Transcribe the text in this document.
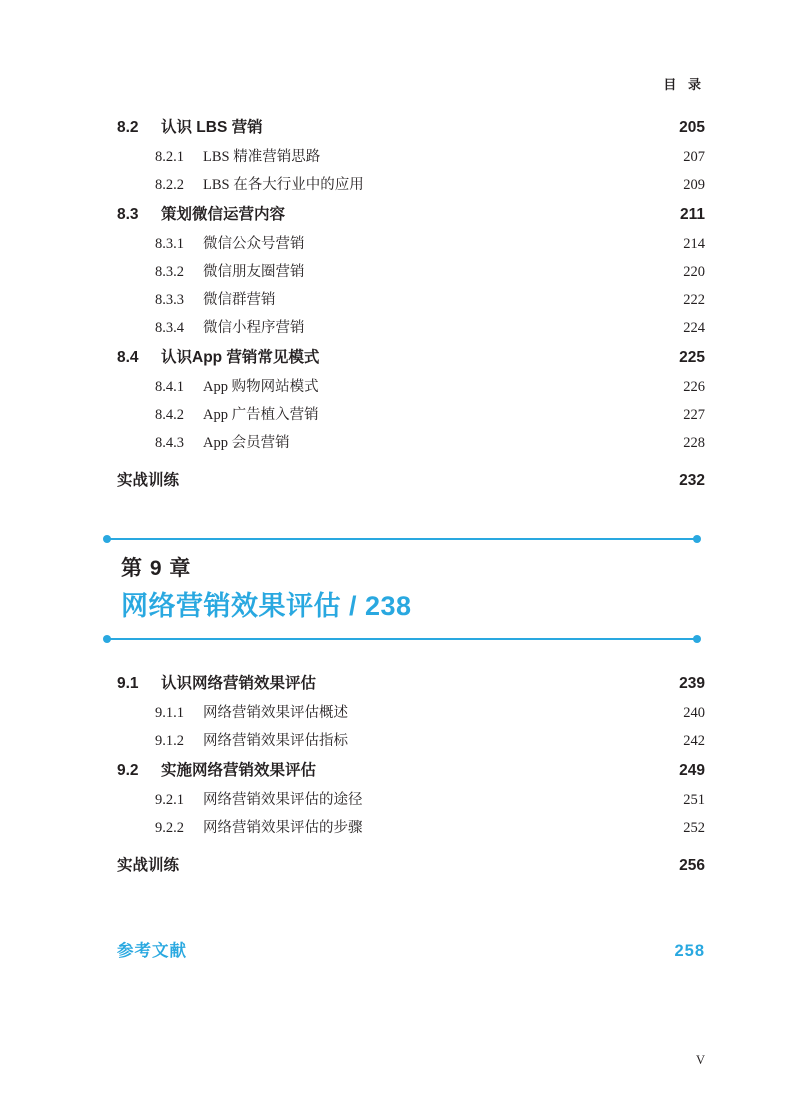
目 录
8.2	认识 LBS 营销	205
8.2.1	LBS 精准营销思路	207
8.2.2	LBS 在各大行业中的应用	209
8.3	策划微信运营内容	211
8.3.1	微信公众号营销	214
8.3.2	微信朋友圈营销	220
8.3.3	微信群营销	222
8.3.4	微信小程序营销	224
8.4	认识App 营销常见模式	225
8.4.1	App 购物网站模式	226
8.4.2	App 广告植入营销	227
8.4.3	App 会员营销	228
实战训练	232
第 9 章
网络营销效果评估 / 238
9.1	认识网络营销效果评估	239
9.1.1	网络营销效果评估概述	240
9.1.2	网络营销效果评估指标	242
9.2	实施网络营销效果评估	249
9.2.1	网络营销效果评估的途径	251
9.2.2	网络营销效果评估的步骤	252
实战训练	256
参考文献	258
V
